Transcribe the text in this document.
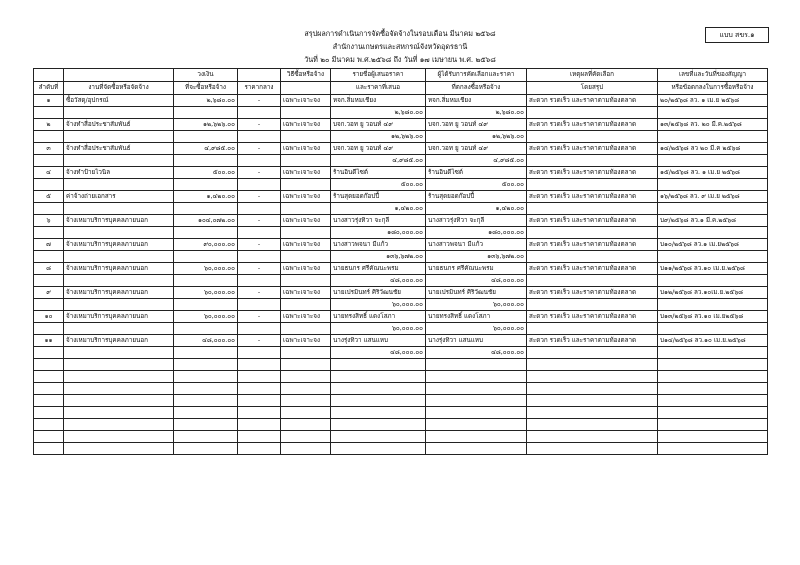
แบบ สขร.๑
สรุปผลการดำเนินการจัดซื้อจัดจ้างในรอบเดือน มีนาคม ๒๕๖๘
สำนักงานเกษตรและสหกรณ์จังหวัดอุดรธานี
วันที่ ๒๐ มีนาคม พ.ศ.๒๕๖๘ ถึง วันที่ ๑๗ เมษายน พ.ศ. ๒๕๖๘
		วงเงิน		วิธีซื้อหรือจ้าง	รายชื่อผู้เสนอราคา	ผู้ได้รับการคัดเลือกและราคา	เหตุผลที่คัดเลือก	เลขที่และวันที่ของสัญญา
ลำดับที่	งานที่จัดซื้อหรือจัดจ้าง	ที่จะซื้อหรือจ้าง	ราคากลาง		และราคาที่เสนอ	ที่ตกลงซื้อหรือจ้าง	โดยสรุป	หรือข้อตกลงในการซื้อหรือจ้าง
๑	ซื้อวัสดุ/อุปกรณ์	๒,๖๘๐.๐๐	-	เฉพาะเจาะจง	หจก.สิ่มหมเชียง	หจก.สิ่มหมเชียง	สะดวก รวดเร็ว และราคาตามท้องตลาด	๒๐/๒๕๖๘ ลว. ๑ เม.ย ๒๕๖๘
					๒,๖๘๐.๐๐	๒,๖๘๐.๐๐		
๒	จ้างทำสื่อประชาสัมพันธ์	๑๒,๖๒๖.๐๐	-	เฉพาะเจาะจง	บจก.วอท ยู วอนท์ ๔๙	บจก.วอท ยู วอนท์ ๔๙	สะดวก รวดเร็ว และราคาตามท้องตลาด	๑๓/๒๕๖๘ ลว. ๒๐ มี.ค.๒๕๖๘
					๑๒,๖๒๖.๐๐	๑๒,๖๒๖.๐๐		
๓	จ้างทำสื่อประชาสัมพันธ์	๔,๙๘๕.๐๐	-	เฉพาะเจาะจง	บจก.วอท ยู วอนท์ ๔๙	บจก.วอท ยู วอนท์ ๔๙	สะดวก รวดเร็ว และราคาตามท้องตลาด	๑๔/๒๕๖๘ ลว ๒๐ มี.ค ๒๕๖๘
					๔,๙๘๕.๐๐	๔,๙๘๕.๐๐		
๔	จ้างทำป้ายไวนิล	๕๐๐.๐๐	-	เฉพาะเจาะจง	ร้านอินดีไซต์	ร้านอินดีไซต์	สะดวก รวดเร็ว และราคาตามท้องตลาด	๑๕/๒๕๖๘ ลว. ๑ เม.ย ๒๕๖๘
					๕๐๐.๐๐	๕๐๐.๐๐		
๕	ค่าจ้างถ่ายเอกสาร	๑,๔๒๐.๐๐	-	เฉพาะเจาะจง	ร้านสุดยอดก๊อปปี้	ร้านสุดยอดก๊อปปี้	สะดวก รวดเร็ว และราคาตามท้องตลาด	๑๖/๒๕๖๘ ลว. ๙ เม.ย ๒๕๖๘
					๑,๔๒๐.๐๐	๑,๔๒๐.๐๐		
๖	จ้างเหมาบริการบุคคลภายนอก	๑๐๔,๐๗๒.๐๐	-	เฉพาะเจาะจง	นางสาวรุ่งทิวา จะกุลี	นางสาวรุ่งทิวา จะกุลี	สะดวก รวดเร็ว และราคาตามท้องตลาด	บ๙/๒๕๖๘ ลว.๑ มี.ค.๒๕๖๘
					๑๘๐,๐๐๐.๐๐	๑๘๐,๐๐๐.๐๐		
๗	จ้างเหมาบริการบุคคลภายนอก	๙๐,๐๐๐.๐๐	-	เฉพาะเจาะจง	นางสาวพจนา มีแก้ว	นางสาวพจนา มีแก้ว	สะดวก รวดเร็ว และราคาตามท้องตลาด	บ๑๐/๒๕๖๘ ลว.๑ เม.ย๒๕๖๘
					๑๓๖,๖๗๒.๐๐	๑๓๖,๖๗๒.๐๐		
๘	จ้างเหมาบริการบุคคลภายนอก	๖๐,๐๐๐.๐๐	-	เฉพาะเจาะจง	นายธนกร ศรีคัณนะพรม	นายธนกร ศรีคัณนะพรม	สะดวก รวดเร็ว และราคาตามท้องตลาด	บ๑๑/๒๕๖๘ ลว.๑๐ เม.ย.๒๕๖๘
					๔๘,๐๐๐.๐๐	๔๘,๐๐๐.๐๐		
๙	จ้างเหมาบริการบุคคลภายนอก	๖๐,๐๐๐.๐๐	-	เฉพาะเจาะจง	นายเปรมินทร์ ศิริวัฒนชัย	นายเปรมินทร์ ศิริวัฒนชัย	สะดวก รวดเร็ว และราคาตามท้องตลาด	บ๑๒/๒๕๖๘ ลว.๑๐เม.ย.๒๕๖๘
					๖๐,๐๐๐.๐๐	๖๐,๐๐๐.๐๐		
๑๐	จ้างเหมาบริการบุคคลภายนอก	๖๐,๐๐๐.๐๐	-	เฉพาะเจาะจง	นายทรงสิทธิ์ แดงโสภา	นายทรงสิทธิ์ แดงโสภา	สะดวก รวดเร็ว และราคาตามท้องตลาด	บ๑๓/๒๕๖๘ ลว.๑๐ เม.ย๒๕๖๘
					๖๐,๐๐๐.๐๐	๖๐,๐๐๐.๐๐		
๑๑	จ้างเหมาบริการบุคคลภายนอก	๔๘,๐๐๐.๐๐	-	เฉพาะเจาะจง	นางรุ่งทิวา แสนแหบ	นางรุ่งทิวา แสนแหบ	สะดวก รวดเร็ว และราคาตามท้องตลาด	บ๑๔/๒๕๖๘ ลว.๑๐ เม.ย.๒๕๖๘
					๔๘,๐๐๐.๐๐	๔๘,๐๐๐.๐๐		
